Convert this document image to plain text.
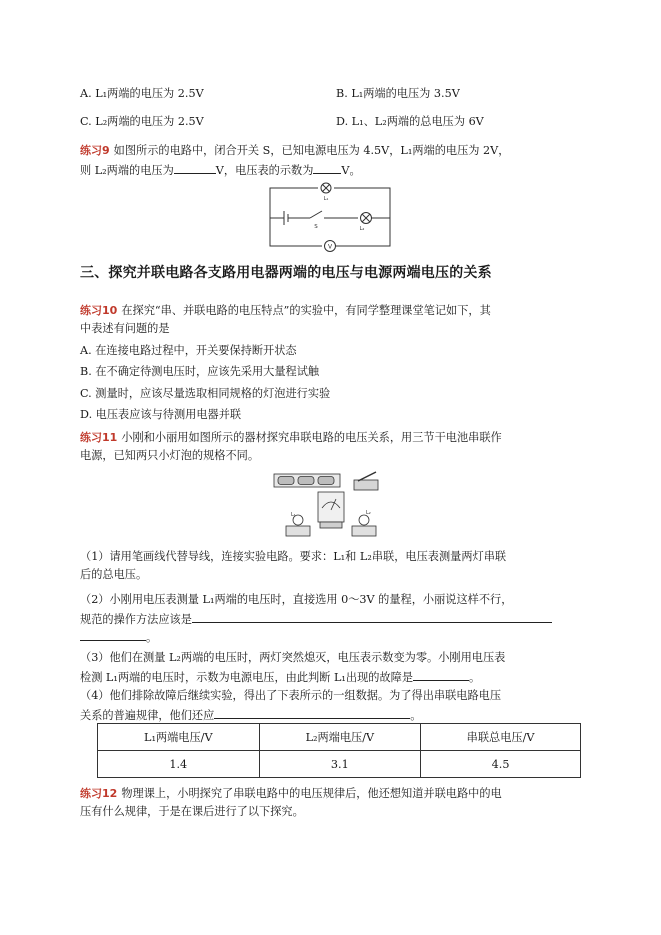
A. L₁两端的电压为 2.5V	B. L₁两端的电压为 3.5V
C. L₂两端的电压为 2.5V	D. L₁、L₂两端的总电压为 6V
练习9 如图所示的电路中，闭合开关 S，已知电源电压为 4.5V，L₁两端的电压为 2V，
则 L₂两端的电压为	V，电压表的示数为	V。
L₁
S	L₂
V
三、探究并联电路各支路用电器两端的电压与电源两端电压的关系
练习10 在探究“串、并联电路的电压特点”的实验中，有同学整理课堂笔记如下，其
中表述有问题的是
A. 在连接电路过程中，开关要保持断开状态
B. 在不确定待测电压时，应该先采用大量程试触
C. 测量时，应该尽量选取相同规格的灯泡进行实验
D. 电压表应该与待测用电器并联
练习11 小刚和小丽用如图所示的器材探究串联电路的电压关系，用三节干电池串联作
电源，已知两只小灯泡的规格不同。
L₁	L₂
（1）请用笔画线代替导线，连接实验电路。要求：L₁和 L₂串联，电压表测量两灯串联
后的总电压。
（2）小刚用电压表测量 L₁两端的电压时，直接选用 0～3V 的量程，小丽说这样不行，
规范的操作方法应该是
。
（3）他们在测量 L₂两端的电压时，两灯突然熄灭，电压表示数变为零。小刚用电压表
检测 L₁两端的电压时，示数为电源电压，由此判断 L₁出现的故障是	。
（4）他们排除故障后继续实验，得出了下表所示的一组数据。为了得出串联电路电压
关系的普遍规律，他们还应	。
L₁两端电压/V	L₂两端电压/V	串联总电压/V
1.4	3.1	4.5
练习12 物理课上，小明探究了串联电路中的电压规律后，他还想知道并联电路中的电
压有什么规律，于是在课后进行了以下探究。
